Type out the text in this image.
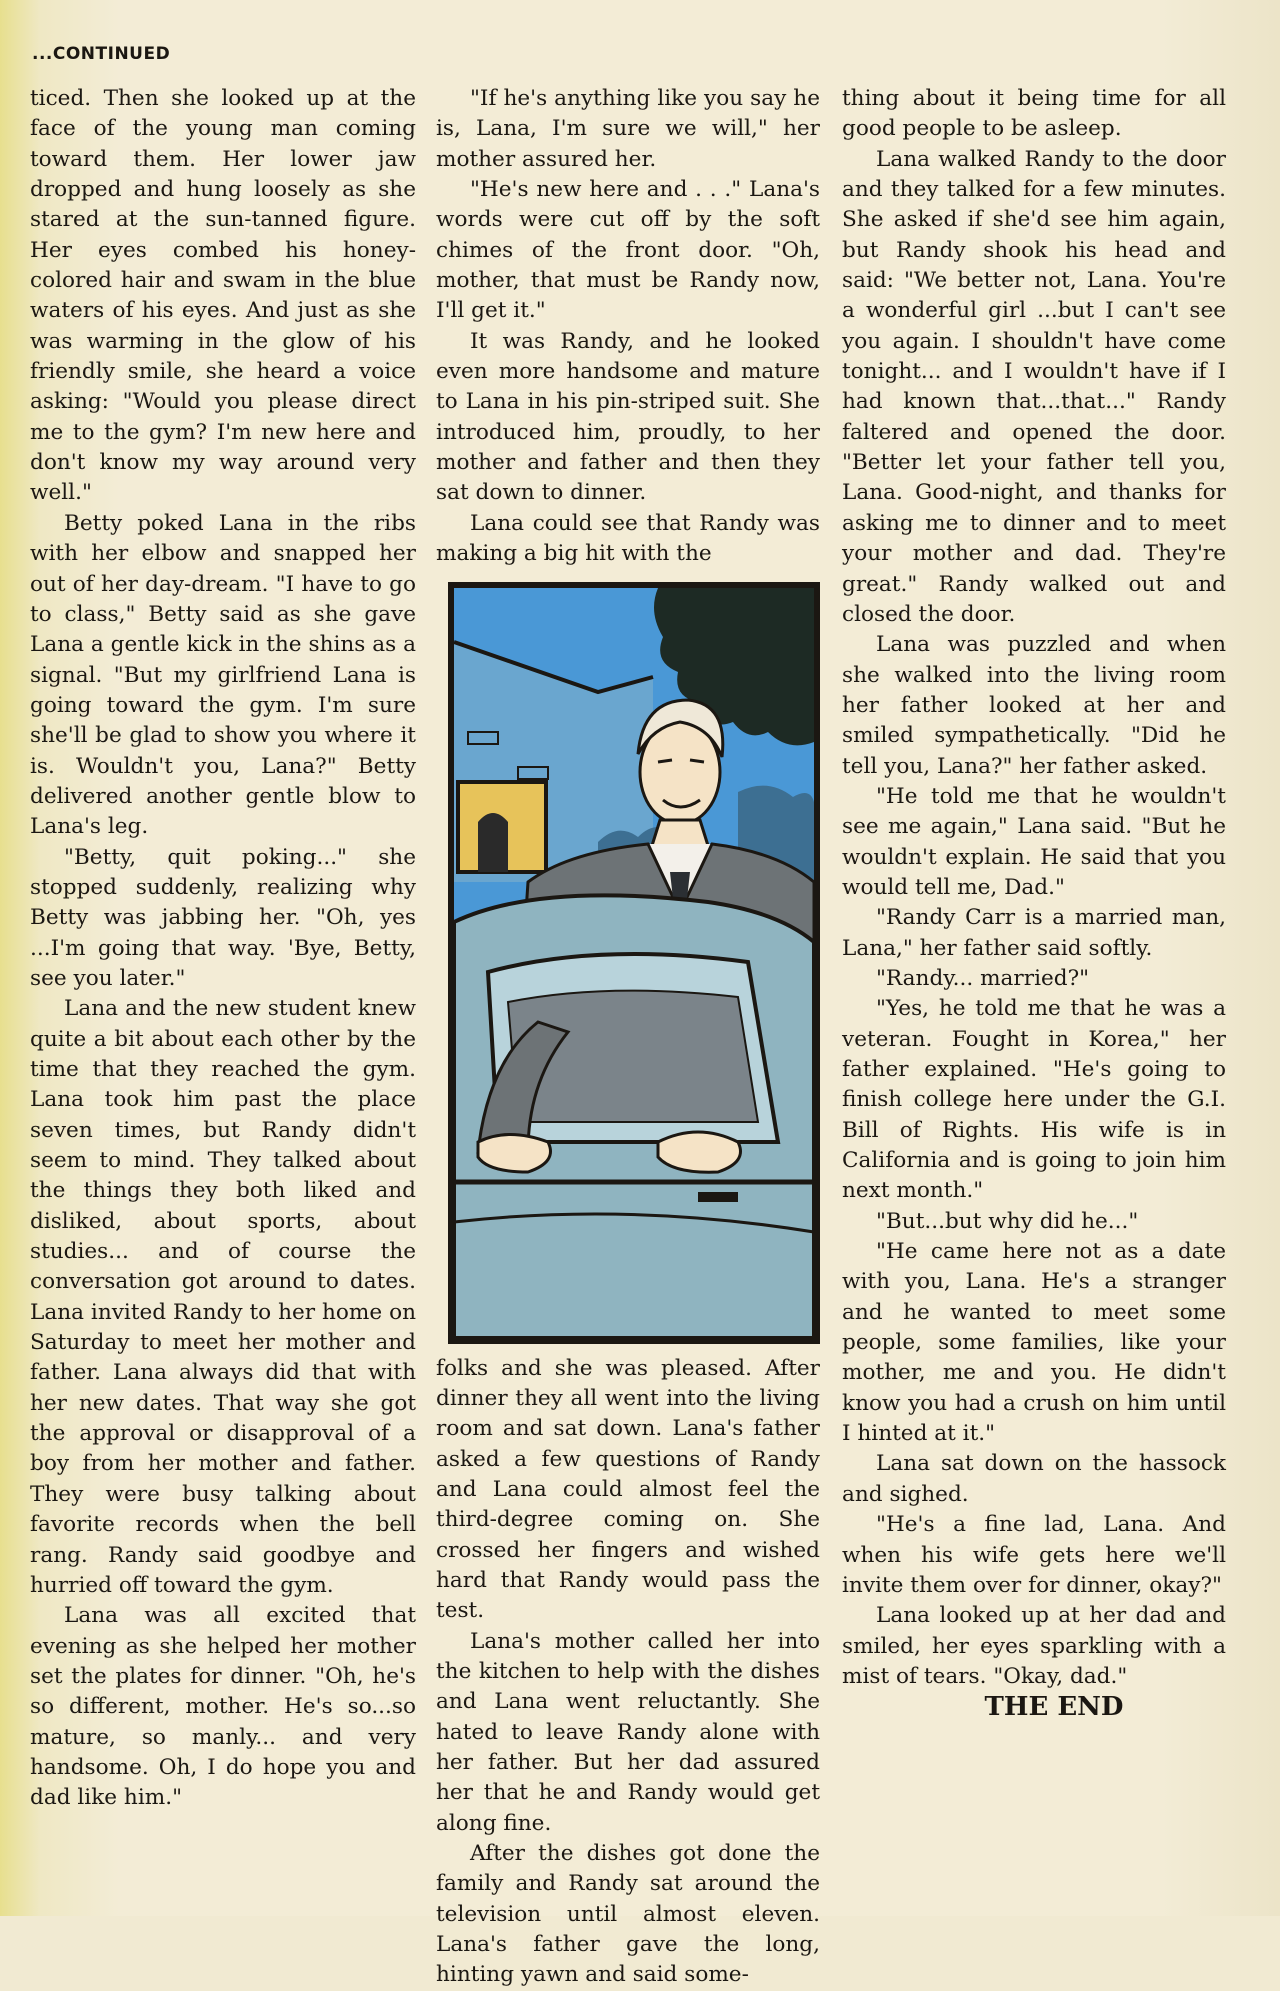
...CONTINUED

ticed. Then she looked up at the face of the young man coming toward them. Her lower jaw dropped and hung loosely as she stared at the sun-tanned figure. Her eyes combed his honey-colored hair and swam in the blue waters of his eyes. And just as she was warming in the glow of his friendly smile, she heard a voice asking: "Would you please direct me to the gym? I'm new here and don't know my way around very well."

Betty poked Lana in the ribs with her elbow and snapped her out of her day-dream. "I have to go to class," Betty said as she gave Lana a gentle kick in the shins as a signal. "But my girlfriend Lana is going toward the gym. I'm sure she'll be glad to show you where it is. Wouldn't you, Lana?" Betty delivered another gentle blow to Lana's leg.

"Betty, quit poking..." she stopped suddenly, realizing why Betty was jabbing her. "Oh, yes ...I'm going that way. 'Bye, Betty, see you later."

Lana and the new student knew quite a bit about each other by the time that they reached the gym. Lana took him past the place seven times, but Randy didn't seem to mind. They talked about the things they both liked and disliked, about sports, about studies... and of course the conversation got around to dates. Lana invited Randy to her home on Saturday to meet her mother and father. Lana always did that with her new dates. That way she got the approval or disapproval of a boy from her mother and father. They were busy talking about favorite records when the bell rang. Randy said goodbye and hurried off toward the gym.

Lana was all excited that evening as she helped her mother set the plates for dinner. "Oh, he's so different, mother. He's so...so mature, so manly... and very handsome. Oh, I do hope you and dad like him."

"If he's anything like you say he is, Lana, I'm sure we will," her mother assured her.

"He's new here and . . ." Lana's words were cut off by the soft chimes of the front door. "Oh, mother, that must be Randy now, I'll get it."

It was Randy, and he looked even more handsome and mature to Lana in his pin-striped suit. She introduced him, proudly, to her mother and father and then they sat down to dinner.

Lana could see that Randy was making a big hit with the

folks and she was pleased. After dinner they all went into the living room and sat down. Lana's father asked a few questions of Randy and Lana could almost feel the third-degree coming on. She crossed her fingers and wished hard that Randy would pass the test.

Lana's mother called her into the kitchen to help with the dishes and Lana went reluctantly. She hated to leave Randy alone with her father. But her dad assured her that he and Randy would get along fine.

After the dishes got done the family and Randy sat around the television until almost eleven. Lana's father gave the long, hinting yawn and said some-

thing about it being time for all good people to be asleep.

Lana walked Randy to the door and they talked for a few minutes. She asked if she'd see him again, but Randy shook his head and said: "We better not, Lana. You're a wonderful girl ...but I can't see you again. I shouldn't have come tonight... and I wouldn't have if I had known that...that..." Randy faltered and opened the door. "Better let your father tell you, Lana. Good-night, and thanks for asking me to dinner and to meet your mother and dad. They're great." Randy walked out and closed the door.

Lana was puzzled and when she walked into the living room her father looked at her and smiled sympathetically. "Did he tell you, Lana?" her father asked.

"He told me that he wouldn't see me again," Lana said. "But he wouldn't explain. He said that you would tell me, Dad."

"Randy Carr is a married man, Lana," her father said softly.

"Randy... married?"

"Yes, he told me that he was a veteran. Fought in Korea," her father explained. "He's going to finish college here under the G.I. Bill of Rights. His wife is in California and is going to join him next month."

"But...but why did he..."

"He came here not as a date with you, Lana. He's a stranger and he wanted to meet some people, some families, like your mother, me and you. He didn't know you had a crush on him until I hinted at it."

Lana sat down on the hassock and sighed.

"He's a fine lad, Lana. And when his wife gets here we'll invite them over for dinner, okay?"

Lana looked up at her dad and smiled, her eyes sparkling with a mist of tears. "Okay, dad."

THE END
